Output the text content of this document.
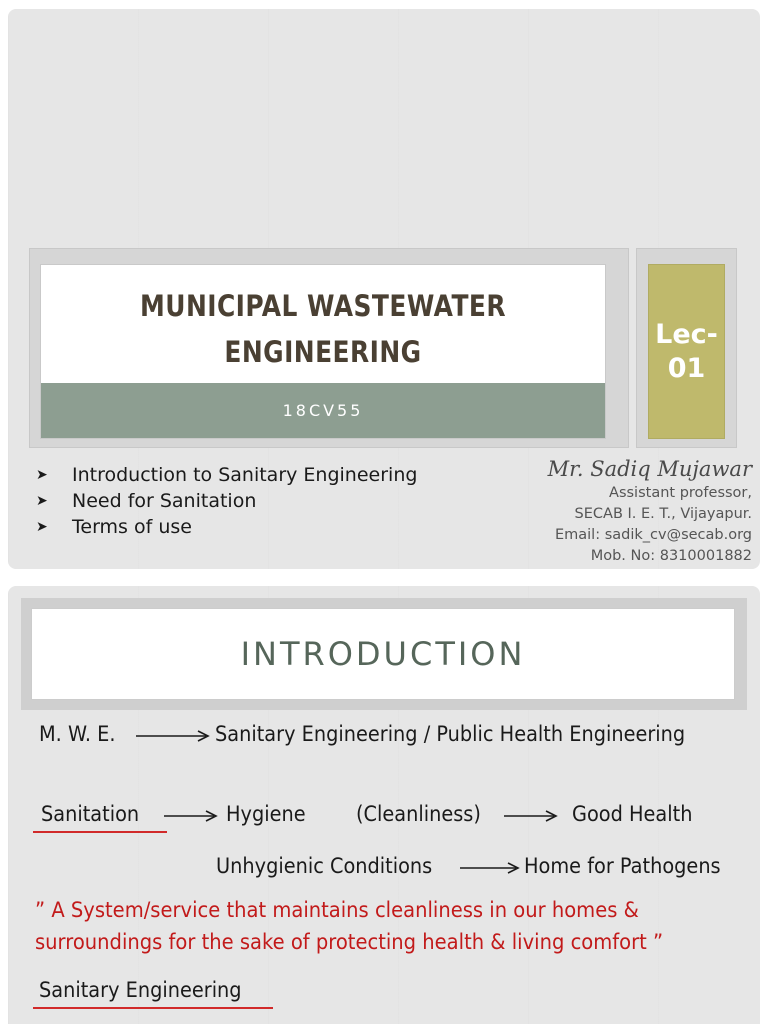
MUNICIPAL WASTEWATER
ENGINEERING
18CV55
Lec-
01
➤	Introduction to Sanitary Engineering
➤	Need for Sanitation
➤	Terms of use
Mr. Sadiq Mujawar
Assistant professor,
SECAB I. E. T., Vijayapur.
Email: sadik_cv@secab.org
Mob. No: 8310001882
INTRODUCTION
M. W. E.	Sanitary Engineering / Public Health Engineering
Sanitation	Hygiene (Cleanliness)	Good Health
Unhygienic Conditions	Home for Pathogens
” A System/service that maintains cleanliness in our homes &
surroundings for the sake of protecting health & living comfort ”
Sanitary Engineering
